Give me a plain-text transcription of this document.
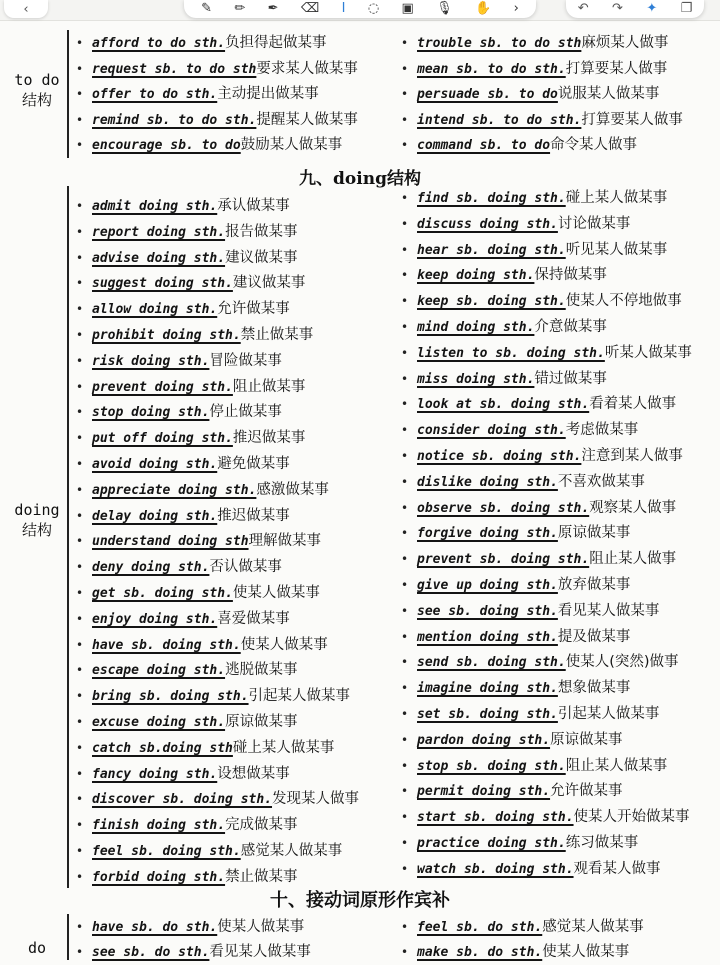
‹	✎ ✏ ✒ ⌫ Ⅰ ◌ ▣ 🎙 ✋ ›	↶ ↷ ✦ ❐
to do
结构
• afford to do sth.负担得起做某事
• request sb. to do sth要求某人做某事
• offer to do sth.主动提出做某事
• remind sb. to do sth.提醒某人做某事
• encourage sb. to do鼓励某人做某事
• trouble sb. to do sth麻烦某人做事
• mean sb. to do sth.打算要某人做事
• persuade sb. to do说服某人做某事
• intend sb. to do sth.打算要某人做事
• command sb. to do命令某人做事
九、doing结构
doing
结构
• admit doing sth.承认做某事
• report doing sth.报告做某事
• advise doing sth.建议做某事
• suggest doing sth.建议做某事
• allow doing sth.允许做某事
• prohibit doing sth.禁止做某事
• risk doing sth.冒险做某事
• prevent doing sth.阻止做某事
• stop doing sth.停止做某事
• put off doing sth.推迟做某事
• avoid doing sth.避免做某事
• appreciate doing sth.感激做某事
• delay doing sth.推迟做某事
• understand doing sth理解做某事
• deny doing sth.否认做某事
• get sb. doing sth.使某人做某事
• enjoy doing sth.喜爱做某事
• have sb. doing sth.使某人做某事
• escape doing sth.逃脱做某事
• bring sb. doing sth.引起某人做某事
• excuse doing sth.原谅做某事
• catch sb.doing sth碰上某人做某事
• fancy doing sth.设想做某事
• discover sb. doing sth.发现某人做事
• finish doing sth.完成做某事
• feel sb. doing sth.感觉某人做某事
• forbid doing sth.禁止做某事
• find sb. doing sth.碰上某人做某事
• discuss doing sth.讨论做某事
• hear sb. doing sth.听见某人做某事
• keep doing sth.保持做某事
• keep sb. doing sth.使某人不停地做事
• mind doing sth.介意做某事
• listen to sb. doing sth.听某人做某事
• miss doing sth.错过做某事
• look at sb. doing sth.看着某人做事
• consider doing sth.考虑做某事
• notice sb. doing sth.注意到某人做事
• dislike doing sth.不喜欢做某事
• observe sb. doing sth.观察某人做事
• forgive doing sth.原谅做某事
• prevent sb. doing sth.阻止某人做事
• give up doing sth.放弃做某事
• see sb. doing sth.看见某人做某事
• mention doing sth.提及做某事
• send sb. doing sth.使某人(突然)做事
• imagine doing sth.想象做某事
• set sb. doing sth.引起某人做某事
• pardon doing sth.原谅做某事
• stop sb. doing sth.阻止某人做某事
• permit doing sth.允许做某事
• start sb. doing sth.使某人开始做某事
• practice doing sth.练习做某事
• watch sb. doing sth.观看某人做事
十、接动词原形作宾补
do
• have sb. do sth.使某人做某事
• see sb. do sth.看见某人做某事
• feel sb. do sth.感觉某人做某事
• make sb. do sth.使某人做某事
